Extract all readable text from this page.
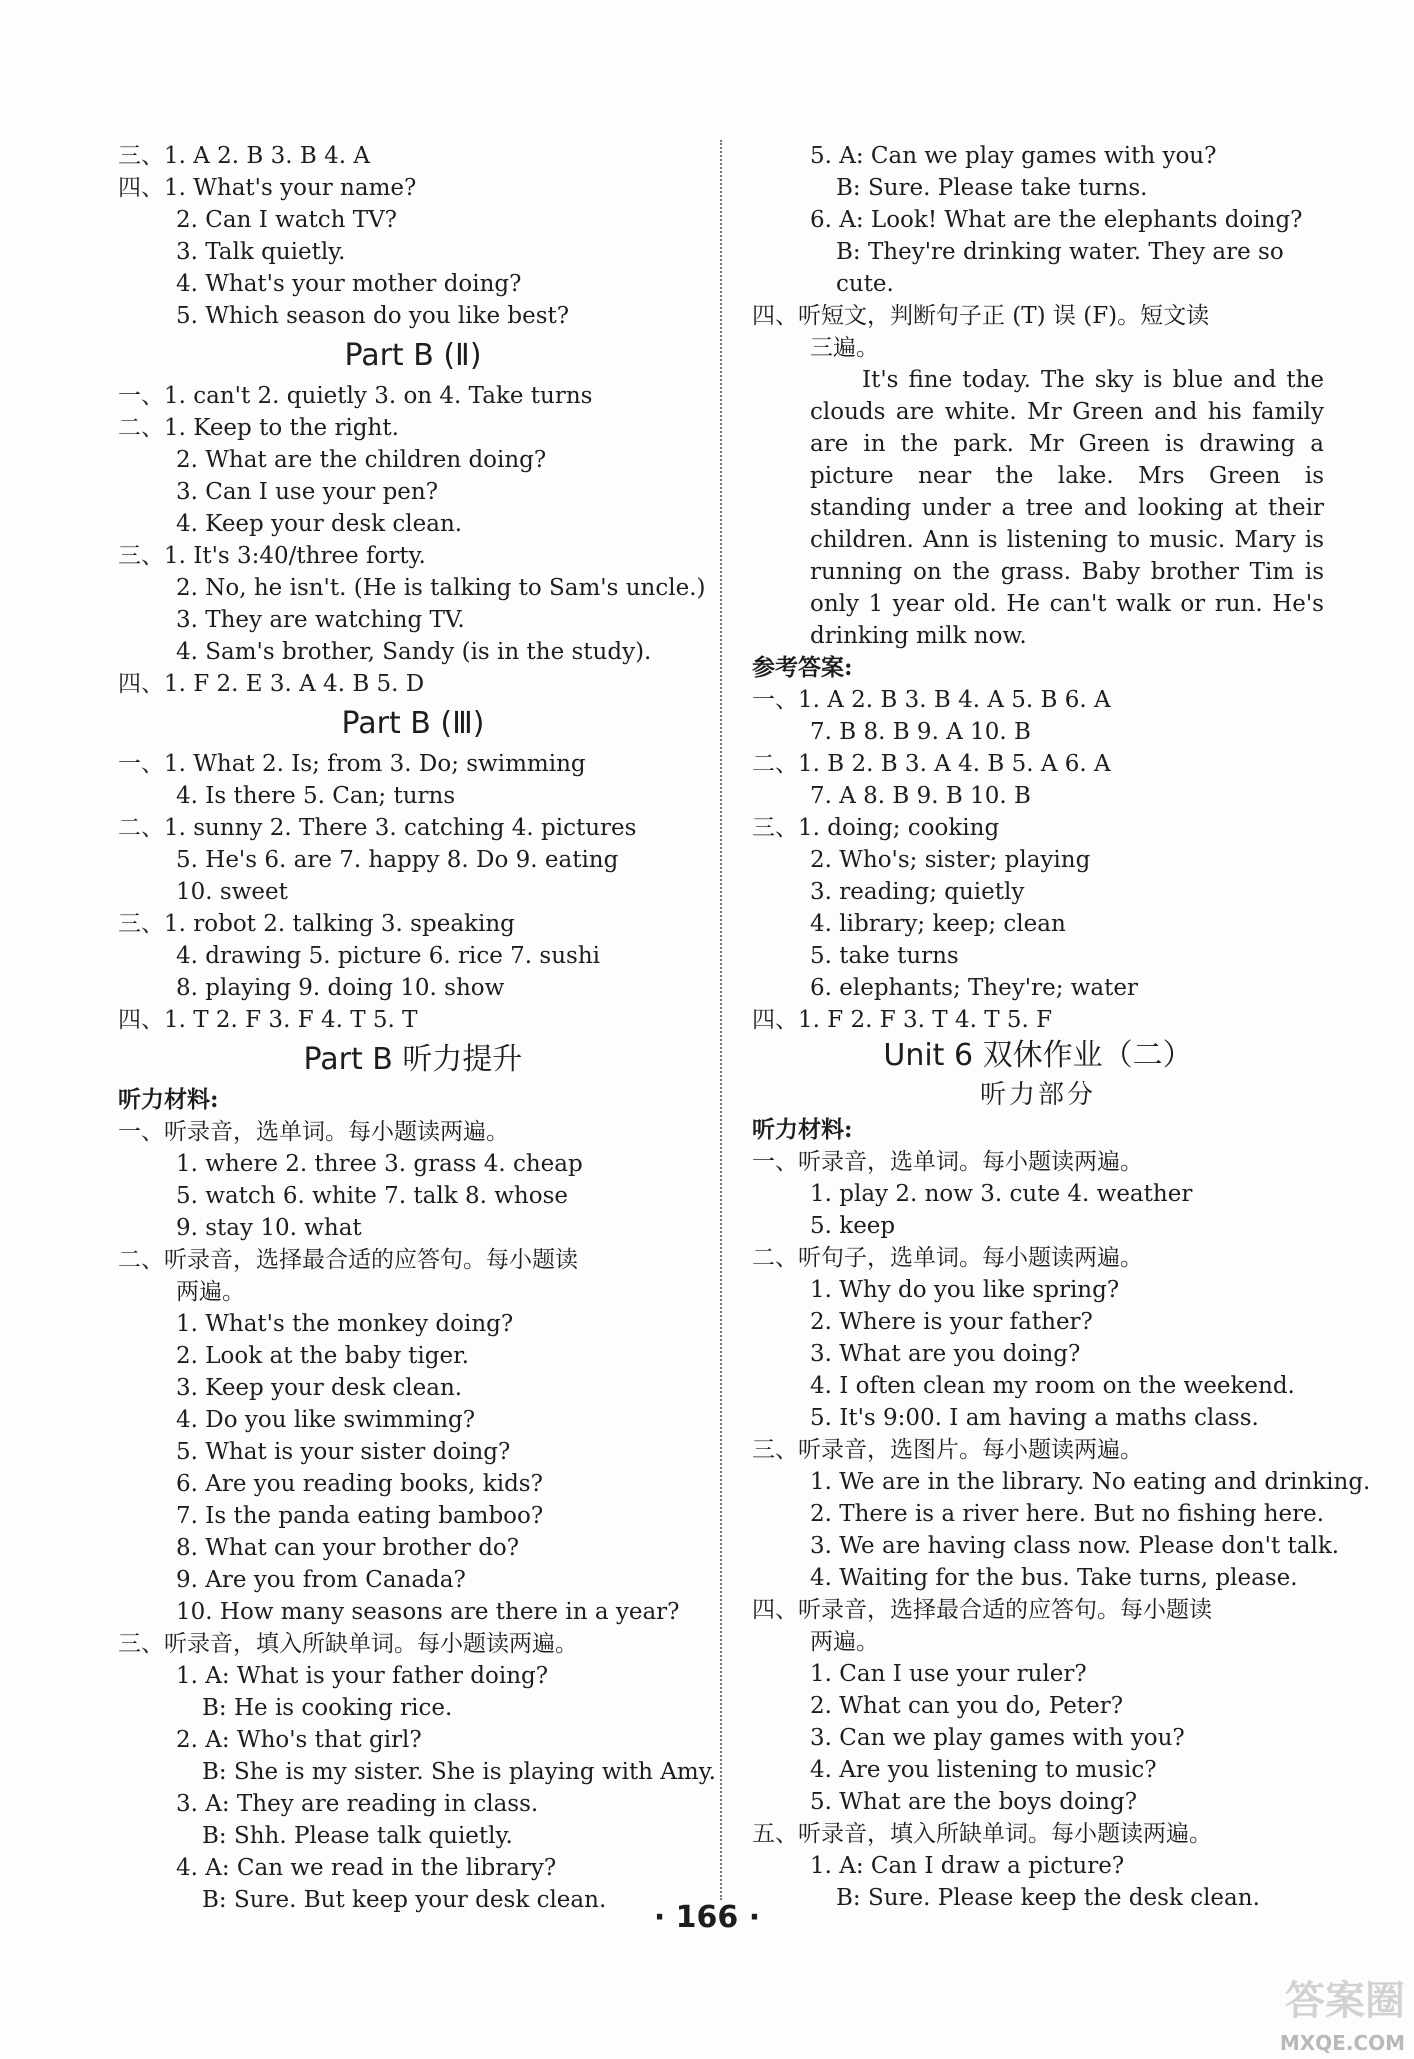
三、1. A 2. B 3. B 4. A
四、1. What's your name?
2. Can I watch TV?
3. Talk quietly.
4. What's your mother doing?
5. Which season do you like best?
Part B (Ⅱ)
一、1. can't 2. quietly 3. on 4. Take turns
二、1. Keep to the right.
2. What are the children doing?
3. Can I use your pen?
4. Keep your desk clean.
三、1. It's 3:40/three forty.
2. No, he isn't. (He is talking to Sam's uncle.)
3. They are watching TV.
4. Sam's brother, Sandy (is in the study).
四、1. F 2. E 3. A 4. B 5. D
Part B (Ⅲ)
一、1. What 2. Is; from 3. Do; swimming
4. Is there 5. Can; turns
二、1. sunny 2. There 3. catching 4. pictures
5. He's 6. are 7. happy 8. Do 9. eating
10. sweet
三、1. robot 2. talking 3. speaking
4. drawing 5. picture 6. rice 7. sushi
8. playing 9. doing 10. show
四、1. T 2. F 3. F 4. T 5. T
Part B 听力提升
听力材料:
一、听录音，选单词。每小题读两遍。
1. where 2. three 3. grass 4. cheap
5. watch 6. white 7. talk 8. whose
9. stay 10. what
二、听录音，选择最合适的应答句。每小题读
两遍。
1. What's the monkey doing?
2. Look at the baby tiger.
3. Keep your desk clean.
4. Do you like swimming?
5. What is your sister doing?
6. Are you reading books, kids?
7. Is the panda eating bamboo?
8. What can your brother do?
9. Are you from Canada?
10. How many seasons are there in a year?
三、听录音，填入所缺单词。每小题读两遍。
1. A: What is your father doing?
B: He is cooking rice.
2. A: Who's that girl?
B: She is my sister. She is playing with Amy.
3. A: They are reading in class.
B: Shh. Please talk quietly.
4. A: Can we read in the library?
B: Sure. But keep your desk clean.
5. A: Can we play games with you?
B: Sure. Please take turns.
6. A: Look! What are the elephants doing?
B: They're drinking water. They are so
cute.
四、听短文，判断句子正 (T) 误 (F)。短文读
三遍。
It's fine today. The sky is blue and the clouds are white. Mr Green and his family are in the park. Mr Green is drawing a picture near the lake. Mrs Green is standing under a tree and looking at their children. Ann is listening to music. Mary is running on the grass. Baby brother Tim is only 1 year old. He can't walk or run. He's drinking milk now.
参考答案:
一、1. A 2. B 3. B 4. A 5. B 6. A
7. B 8. B 9. A 10. B
二、1. B 2. B 3. A 4. B 5. A 6. A
7. A 8. B 9. B 10. B
三、1. doing; cooking
2. Who's; sister; playing
3. reading; quietly
4. library; keep; clean
5. take turns
6. elephants; They're; water
四、1. F 2. F 3. T 4. T 5. F
Unit 6 双休作业（二）
听力部分
听力材料:
一、听录音，选单词。每小题读两遍。
1. play 2. now 3. cute 4. weather
5. keep
二、听句子，选单词。每小题读两遍。
1. Why do you like spring?
2. Where is your father?
3. What are you doing?
4. I often clean my room on the weekend.
5. It's 9:00. I am having a maths class.
三、听录音，选图片。每小题读两遍。
1. We are in the library. No eating and drinking.
2. There is a river here. But no fishing here.
3. We are having class now. Please don't talk.
4. Waiting for the bus. Take turns, please.
四、听录音，选择最合适的应答句。每小题读
两遍。
1. Can I use your ruler?
2. What can you do, Peter?
3. Can we play games with you?
4. Are you listening to music?
5. What are the boys doing?
五、听录音，填入所缺单词。每小题读两遍。
1. A: Can I draw a picture?
B: Sure. Please keep the desk clean.
· 166 ·
答案圈
MXQE.COM
